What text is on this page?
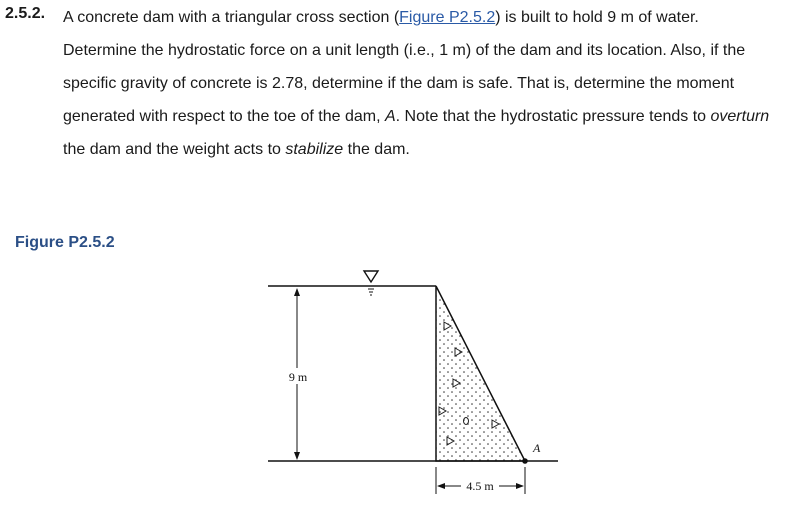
2.5.2. A concrete dam with a triangular cross section (Figure P2.5.2) is built to hold 9 m of water.
Determine the hydrostatic force on a unit length (i.e., 1 m) of the dam and its location. Also, if the
specific gravity of concrete is 2.78, determine if the dam is safe. That is, determine the moment
generated with respect to the toe of the dam, A. Note that the hydrostatic pressure tends to overturn
the dam and the weight acts to stabilize the dam.
Figure P2.5.2
9 m
A
4.5 m
